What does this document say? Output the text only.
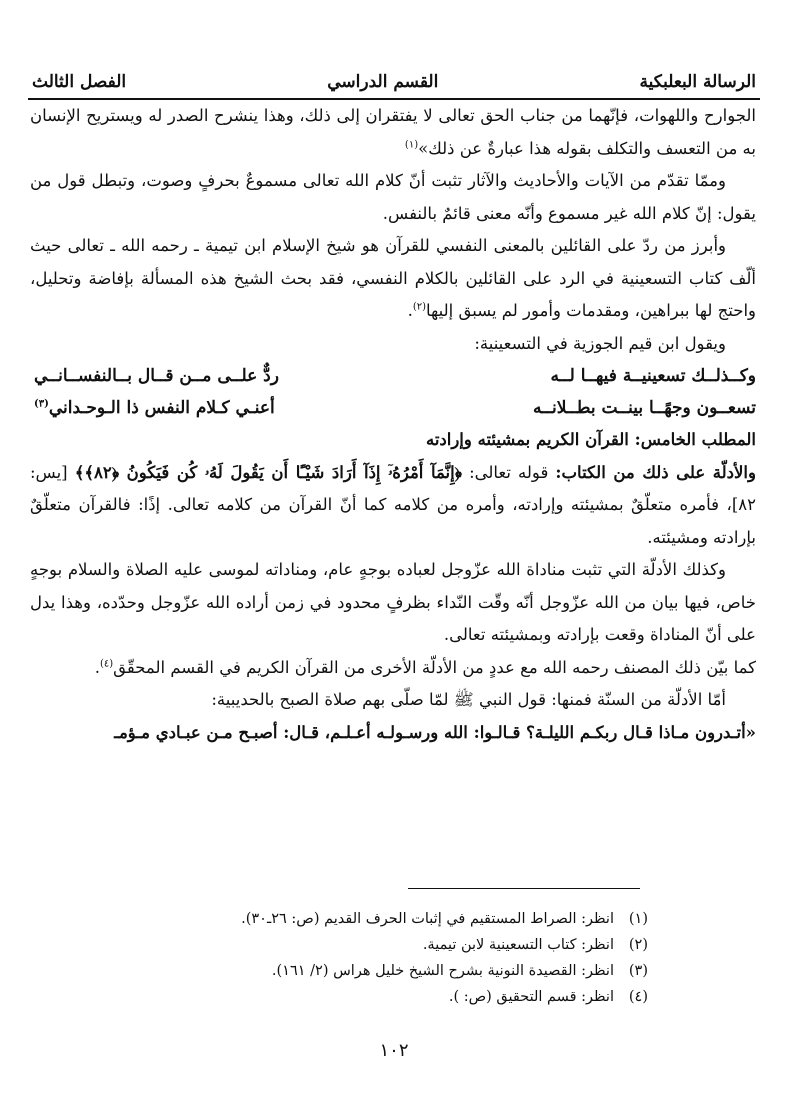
الرسالة البعلبكية
القسم الدراسي
الفصل الثالث

الجوارح واللهوات، فإنّهما من جناب الحق تعالى لا يفتقران إلى ذلك، وهذا ينشرح الصدر له ويستريح الإنسان به من التعسف والتكلف بقوله هذا عبارةٌ عن ذلك»$^{(١)}$

وممّا تقدّم من الآيات والأحاديث والآثار تثبت أنّ كلام الله تعالى مسموعٌ بحرفٍ وصوت، وتبطل قول من يقول: إنّ كلام الله غير مسموع وأنّه معنى قائمٌ بالنفس.

وأبرز من ردّ على القائلين بالمعنى النفسي للقرآن هو شيخ الإسلام ابن تيمية ـ رحمه الله ـ تعالى حيث ألّف كتاب التسعينية في الرد على القائلين بالكلام النفسي، فقد بحث الشيخ هذه المسألة بإفاضة وتحليل، واحتج لها ببراهين، ومقدمات وأمور لم يسبق إليها$^{(٢)}$.

ويقول ابن قيم الجوزية في التسعينية:

وكــذلــك تسعينيــة فيهــا لــه
ردٌّ علــى مــن قــال بــالنفســانــي
تسعــون وجهًــا بينــت بطــلانــه
أعنـي كـلام النفس ذا الـوحـداني$^{(٣)}$

المطلب الخامس: القرآن الكريم بمشيئته وإرادته

والأدلّة على ذلك من الكتاب: قوله تعالى: ﴿إِنَّمَآ أَمْرُهُۥٓ إِذَآ أَرَادَ شَيْـًٔا أَن يَقُولَ لَهُۥ كُن فَيَكُونُ ﴿٨٢﴾﴾ [يس: ٨٢]، فأمره متعلّقٌ بمشيئته وإرادته، وأمره من كلامه كما أنّ القرآن من كلامه تعالى. إذًا: فالقرآن متعلّقٌ بإرادته ومشيئته.

وكذلك الأدلّة التي تثبت مناداة الله عزّوجل لعباده بوجهٍ عام، ومناداته لموسى عليه الصلاة والسلام بوجهٍ خاص، فيها بيان من الله عزّوجل أنّه وقّت النّداء بظرفٍ محدود في زمن أراده الله عزّوجل وحدّده، وهذا يدل على أنّ المناداة وقعت بإرادته وبمشيئته تعالى.

كما بيّن ذلك المصنف رحمه الله مع عددٍ من الأدلّة الأخرى من القرآن الكريم في القسم المحقّق$^{(٤)}$.

أمّا الأدلّة من السنّة فمنها: قول النبي ﷺ لمّا صلّى بهم صلاة الصبح بالحديبية:

«أتـدرون مـاذا قـال ربكـم الليلـة؟ قـالـوا: الله ورسـولـه أعـلـم، قـال: أصبـح مـن عبـادي مـؤمـ

(١)
انظر: الصراط المستقيم في إثبات الحرف القديم (ص: ٢٦ـ٣٠).
(٢)
انظر: كتاب التسعينية لابن تيمية.
(٣)
انظر: القصيدة النونية بشرح الشيخ خليل هراس (٢/ ١٦١).
(٤)
انظر: قسم التحقيق (ص: ).
١٠٢
